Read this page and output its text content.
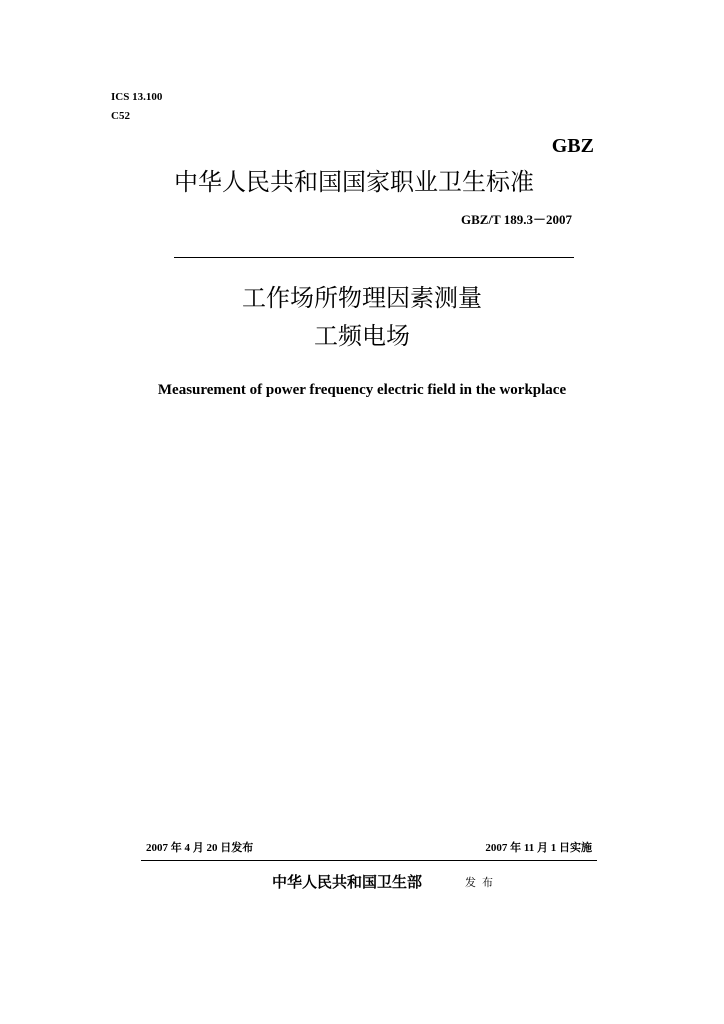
ICS 13.100
C52
GBZ
中华人民共和国国家职业卫生标准
GBZ/T 189.3－2007
工作场所物理因素测量
工频电场
Measurement of power frequency electric field in the workplace
2007 年 4 月 20 日发布	2007 年 11 月 1 日实施
中华人民共和国卫生部	发布
